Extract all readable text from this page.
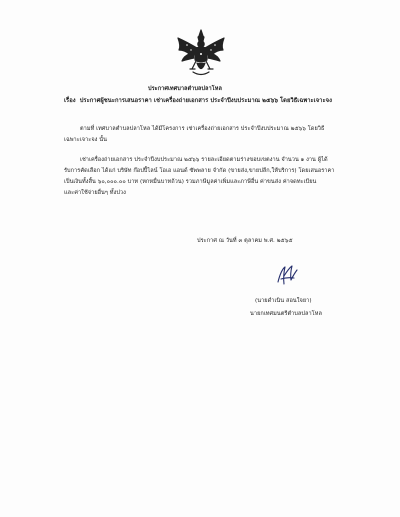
ประกาศเทศบาลตำบลปลาโหล
เรื่อง ประกาศผู้ชนะการเสนอราคา เช่าเครื่องถ่ายเอกสาร ประจำปีงบประมาณ ๒๕๖๖ โดยวิธีเฉพาะเจาะจง
ตามที่ เทศบาลตำบลปลาโหล ได้มีโครงการ เช่าเครื่องถ่ายเอกสาร ประจำปีงบประมาณ ๒๕๖๖ โดยวิธี
เฉพาะเจาะจง นั้น
เช่าเครื่องถ่ายเอกสาร ประจำปีงบประมาณ ๒๕๖๖ รายละเอียดตามร่างขอบเขตงาน จำนวน ๑ งาน ผู้ได้
รับการคัดเลือก ได้แก่ บริษัท ก๊อปปี้ไลน์ โอเอ แอนด์ ซัพพลาย จำกัด (ขายส่ง,ขายปลีก,ให้บริการ) โดยเสนอราคา
เป็นเงินทั้งสิ้น ๖๐,๐๐๐.๐๐ บาท (หกหมื่นบาทถ้วน) รวมภาษีมูลค่าเพิ่มและภาษีอื่น ค่าขนส่ง ค่าจดทะเบียน
และค่าใช้จ่ายอื่นๆ ทั้งปวง
ประกาศ ณ วันที่ ๓ ตุลาคม พ.ศ. ๒๕๖๕
(นายดำเนิน สอนใจยา)
นายกเทศมนตรีตำบลปลาโหล
